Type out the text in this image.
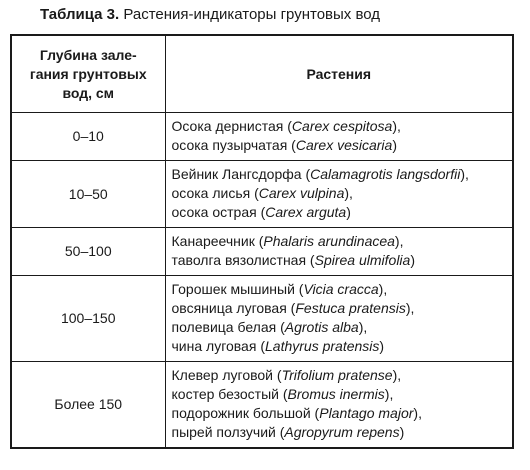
Таблица 3. Растения-индикаторы грунтовых вод
Глубина зале-
гания грунтовых
вод, см	Растения
0–10	Осока дернистая (Carex cespitosa),
осока пузырчатая (Carex vesicaria)

10–50	Вейник Лангсдорфа (Calamagrotis langsdorfii),
осока лисья (Carex vulpina),
осока острая (Carex arguta)

50–100	Канареечник (Phalaris arundinacea),
таволга вязолистная (Spirea ulmifolia)

100–150	Горошек мышиный (Vicia cracca),
овсяница луговая (Festuca pratensis),
полевица белая (Agrotis alba),
чина луговая (Lathyrus pratensis)

Более 150	Клевер луговой (Trifolium pratense),
костер безостый (Bromus inermis),
подорожник большой (Plantago major),
пырей ползучий (Agropyrum repens)
